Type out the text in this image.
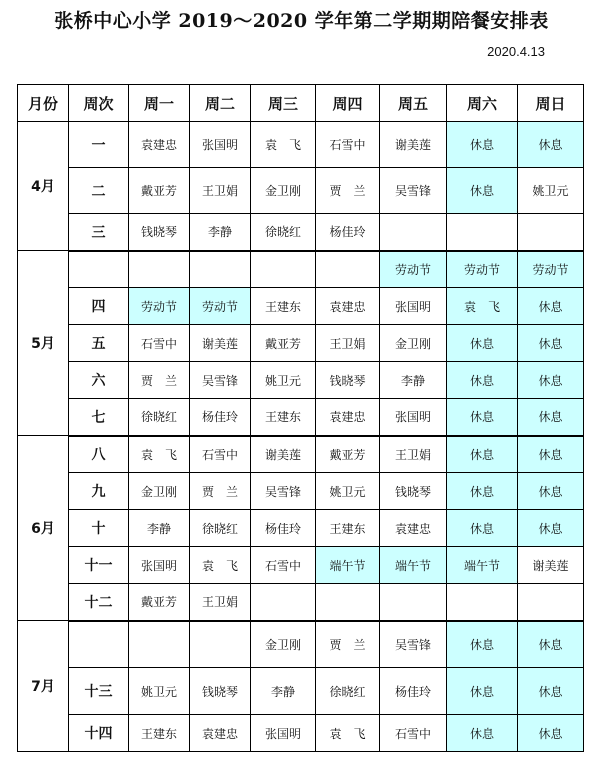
张桥中心小学 2019～2020 学年第二学期期陪餐安排表
2020.4.13
月份	周次	周一	周二	周三	周四	周五	周六	周日
4月	一	袁建忠	张国明	袁　飞	石雪中	谢美莲	休息	休息
	二	戴亚芳	王卫娟	金卫刚	贾　兰	吴雪锋	休息	姚卫元
	三	钱晓琴	李静	徐晓红	杨佳玲			
5月						劳动节	劳动节	劳动节
	四	劳动节	劳动节	王建东	袁建忠	张国明	袁　飞	休息
	五	石雪中	谢美莲	戴亚芳	王卫娟	金卫刚	休息	休息
	六	贾　兰	吴雪锋	姚卫元	钱晓琴	李静	休息	休息
	七	徐晓红	杨佳玲	王建东	袁建忠	张国明	休息	休息
6月	八	袁　飞	石雪中	谢美莲	戴亚芳	王卫娟	休息	休息
	九	金卫刚	贾　兰	吴雪锋	姚卫元	钱晓琴	休息	休息
	十	李静	徐晓红	杨佳玲	王建东	袁建忠	休息	休息
	十一	张国明	袁　飞	石雪中	端午节	端午节	端午节	谢美莲
	十二	戴亚芳	王卫娟					
7月				金卫刚	贾　兰	吴雪锋	休息	休息
	十三	姚卫元	钱晓琴	李静	徐晓红	杨佳玲	休息	休息
	十四	王建东	袁建忠	张国明	袁　飞	石雪中	休息	休息
